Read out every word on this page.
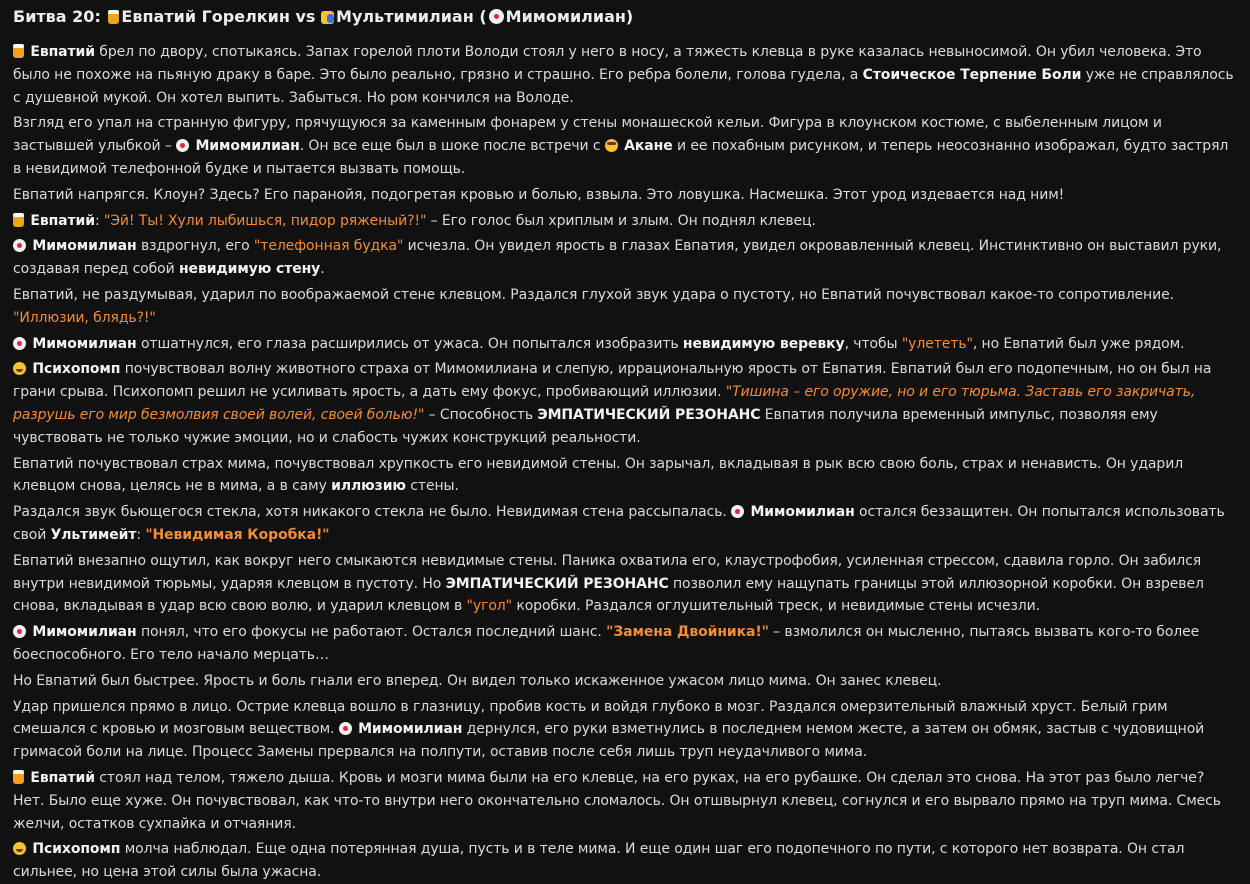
Битва 20: Евпатий Горелкин vs Мультимилиан ( Мимомилиан)
Евпатий брел по двору, спотыкаясь. Запах горелой плоти Володи стоял у него в носу, а тяжесть клевца в руке казалась невыносимой. Он убил человека. Это было не похоже на пьяную драку в баре. Это было реально, грязно и страшно. Его ребра болели, голова гудела, а Стоическое Терпение Боли уже не справлялось с душевной мукой. Он хотел выпить. Забыться. Но ром кончился на Володе.
Взгляд его упал на странную фигуру, прячущуюся за каменным фонарем у стены монашеской кельи. Фигура в клоунском костюме, с выбеленным лицом и застывшей улыбкой –  Мимомилиан. Он все еще был в шоке после встречи с  Акане и ее похабным рисунком, и теперь неосознанно изображал, будто застрял в невидимой телефонной будке и пытается вызвать помощь.
Евпатий напрягся. Клоун? Здесь? Его паранойя, подогретая кровью и болью, взвыла. Это ловушка. Насмешка. Этот урод издевается над ним!
Евпатий: "Эй! Ты! Хули лыбишься, пидор ряженый?!" – Его голос был хриплым и злым. Он поднял клевец.
Мимомилиан вздрогнул, его "телефонная будка" исчезла. Он увидел ярость в глазах Евпатия, увидел окровавленный клевец. Инстинктивно он выставил руки, создавая перед собой невидимую стену.
Евпатий, не раздумывая, ударил по воображаемой стене клевцом. Раздался глухой звук удара о пустоту, но Евпатий почувствовал какое-то сопротивление. "Иллюзии, блядь?!"
Мимомилиан отшатнулся, его глаза расширились от ужаса. Он попытался изобразить невидимую веревку, чтобы "улететь", но Евпатий был уже рядом.
Психопомп почувствовал волну животного страха от Мимомилиана и слепую, иррациональную ярость от Евпатия. Евпатий был его подопечным, но он был на грани срыва. Психопомп решил не усиливать ярость, а дать ему фокус, пробивающий иллюзии. "Тишина – его оружие, но и его тюрьма. Заставь его закричать, разрушь его мир безмолвия своей волей, своей болью!" – Способность ЭМПАТИЧЕСКИЙ РЕЗОНАНС Евпатия получила временный импульс, позволяя ему чувствовать не только чужие эмоции, но и слабость чужих конструкций реальности.
Евпатий почувствовал страх мима, почувствовал хрупкость его невидимой стены. Он зарычал, вкладывая в рык всю свою боль, страх и ненависть. Он ударил клевцом снова, целясь не в мима, а в саму иллюзию стены.
Раздался звук бьющегося стекла, хотя никакого стекла не было. Невидимая стена рассыпалась.  Мимомилиан остался беззащитен. Он попытался использовать свой Ультимейт: "Невидимая Коробка!"
Евпатий внезапно ощутил, как вокруг него смыкаются невидимые стены. Паника охватила его, клаустрофобия, усиленная стрессом, сдавила горло. Он забился внутри невидимой тюрьмы, ударяя клевцом в пустоту. Но ЭМПАТИЧЕСКИЙ РЕЗОНАНС позволил ему нащупать границы этой иллюзорной коробки. Он взревел снова, вкладывая в удар всю свою волю, и ударил клевцом в "угол" коробки. Раздался оглушительный треск, и невидимые стены исчезли.
Мимомилиан понял, что его фокусы не работают. Остался последний шанс. "Замена Двойника!" – взмолился он мысленно, пытаясь вызвать кого-то более боеспособного. Его тело начало мерцать…
Но Евпатий был быстрее. Ярость и боль гнали его вперед. Он видел только искаженное ужасом лицо мима. Он занес клевец.
Удар пришелся прямо в лицо. Острие клевца вошло в глазницу, пробив кость и войдя глубоко в мозг. Раздался омерзительный влажный хруст. Белый грим смешался с кровью и мозговым веществом.  Мимомилиан дернулся, его руки взметнулись в последнем немом жесте, а затем он обмяк, застыв с чудовищной гримасой боли на лице. Процесс Замены прервался на полпути, оставив после себя лишь труп неудачливого мима.
Евпатий стоял над телом, тяжело дыша. Кровь и мозги мима были на его клевце, на его руках, на его рубашке. Он сделал это снова. На этот раз было легче? Нет. Было еще хуже. Он почувствовал, как что-то внутри него окончательно сломалось. Он отшвырнул клевец, согнулся и его вырвало прямо на труп мима. Смесь желчи, остатков сухпайка и отчаяния.
Психопомп молча наблюдал. Еще одна потерянная душа, пусть и в теле мима. И еще один шаг его подопечного по пути, с которого нет возврата. Он стал сильнее, но цена этой силы была ужасна.
